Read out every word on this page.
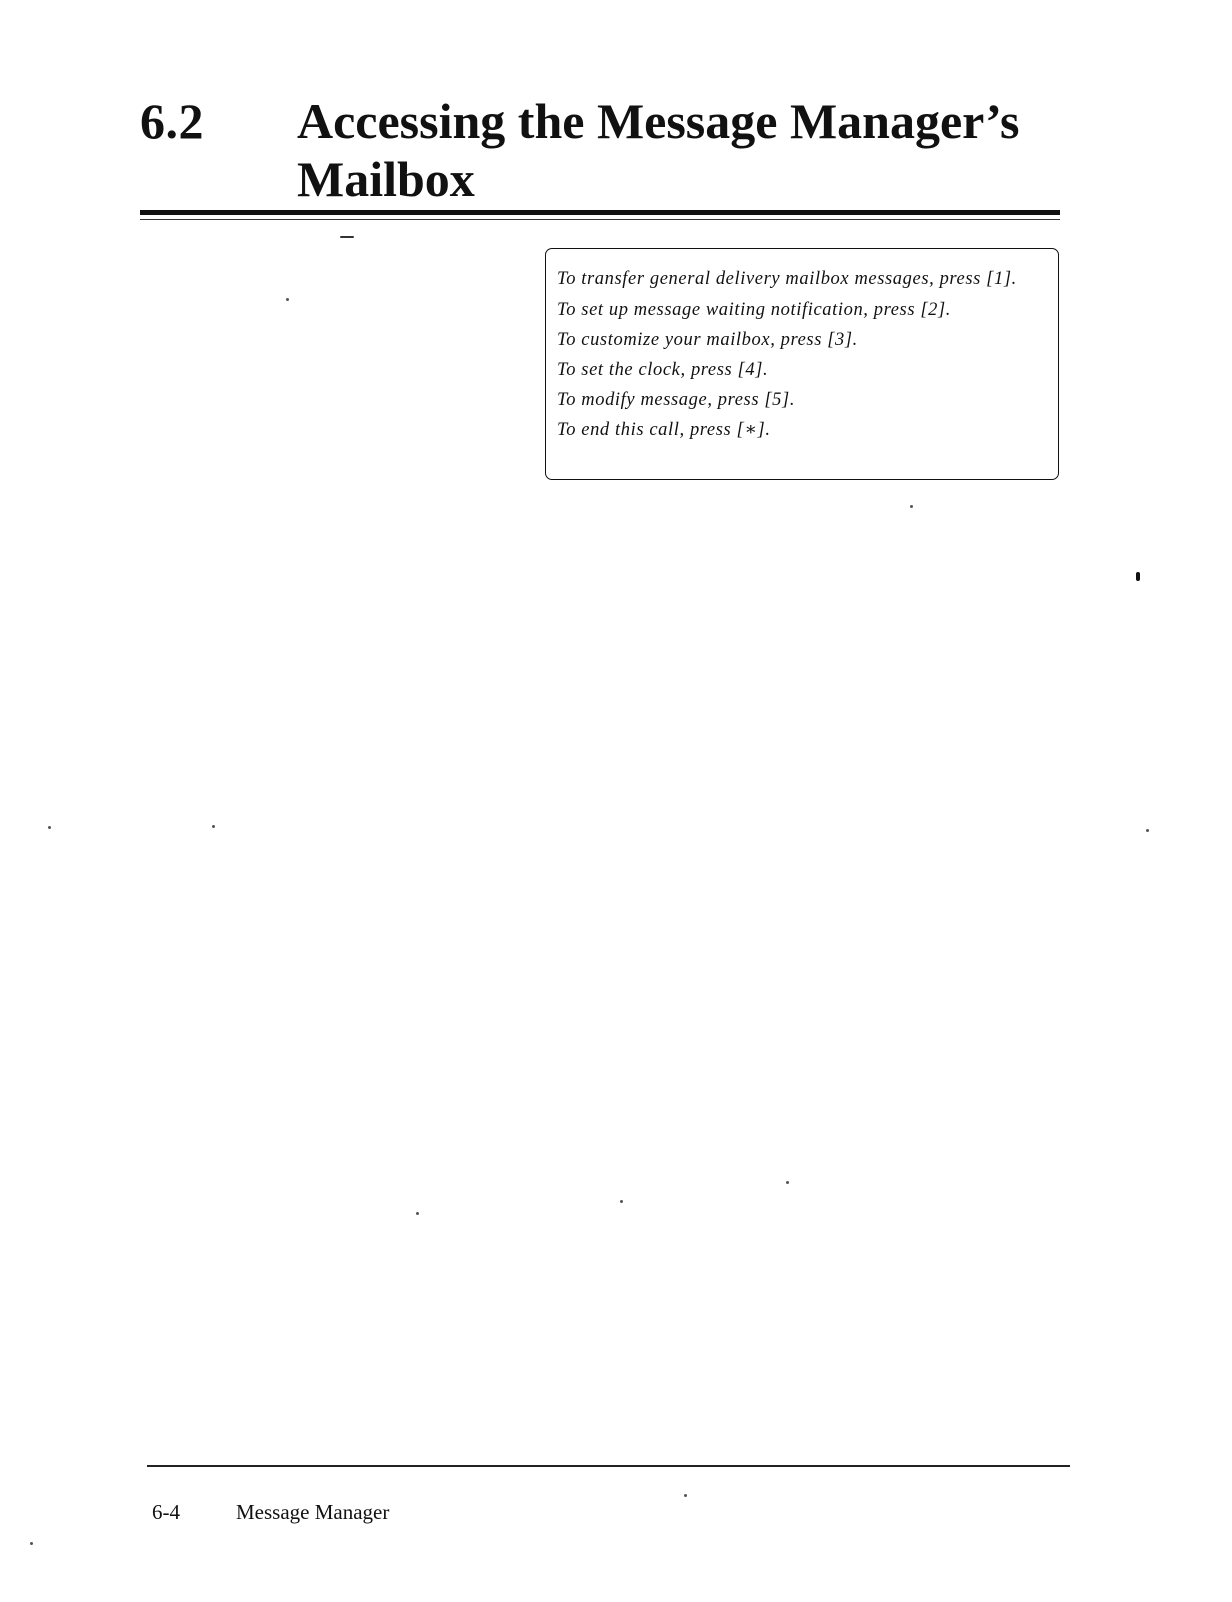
6.2 Accessing the Message Manager’s
Mailbox
To transfer general delivery mailbox messages, press [1].
To set up message waiting notification, press [2].
To customize your mailbox, press [3].
To set the clock, press [4].
To modify message, press [5].
To end this call, press [∗].
6-4	Message Manager
